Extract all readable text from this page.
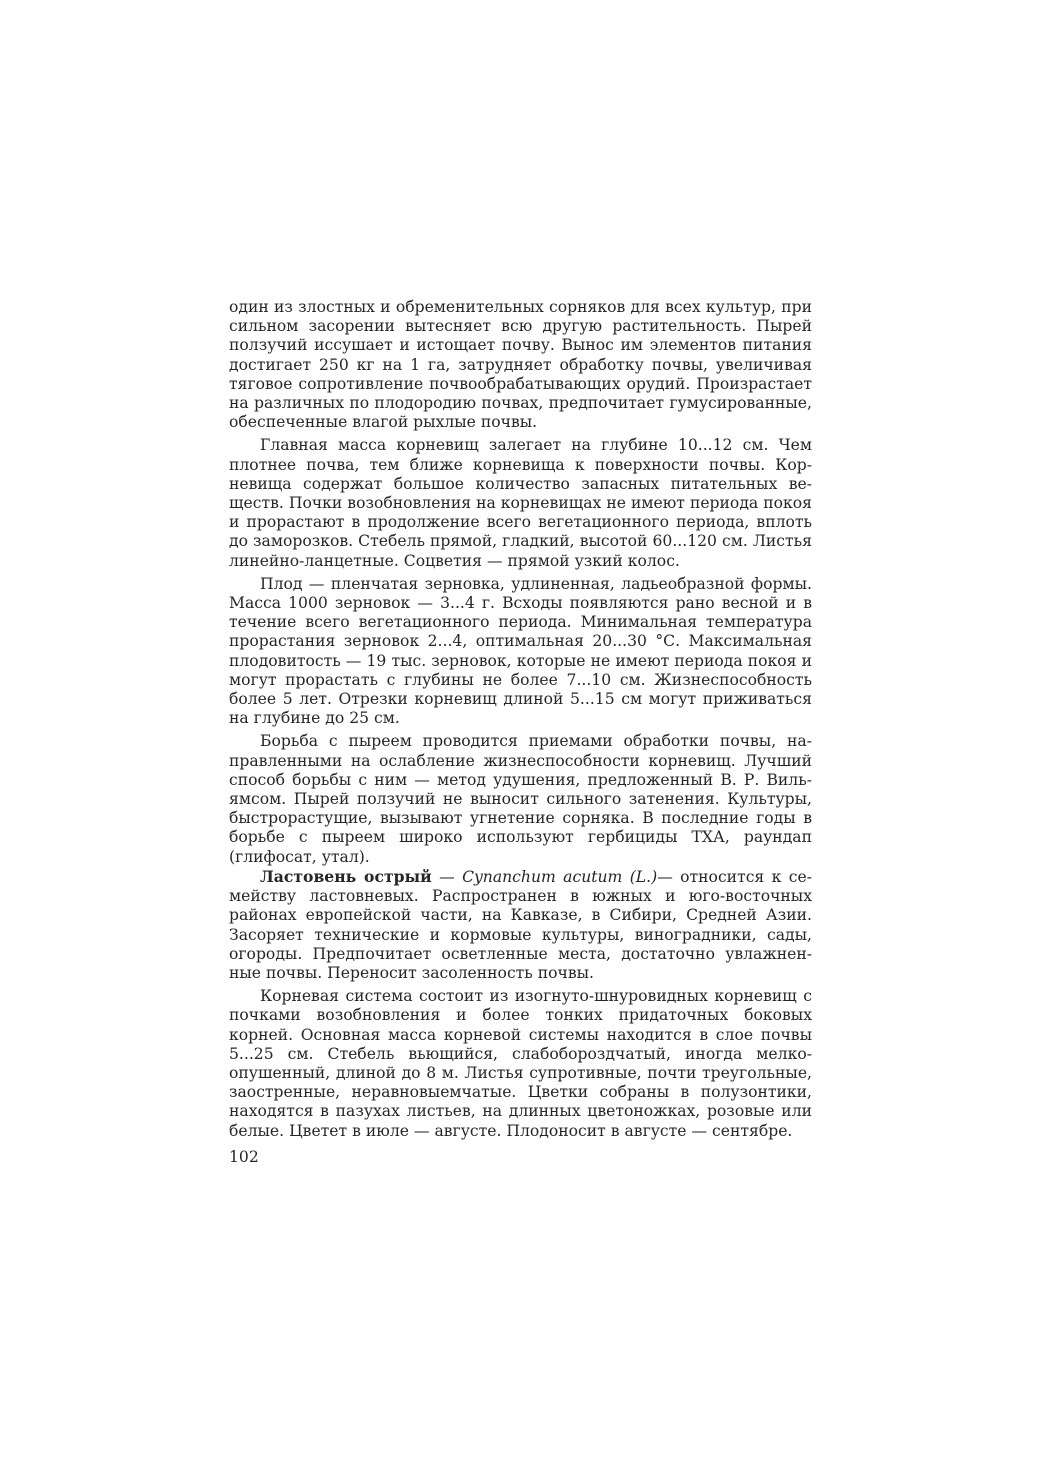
один из злостных и обременительных сорняков для всех культур, при сильном засорении вытесняет всю другую растительность. Пырей ползучий иссушает и истощает почву. Вынос им элементов питания достигает 250 кг на 1 га, затрудняет обработку почвы, увеличивая тяговое сопротивление почвообрабатывающих орудий. Произрастает на различных по плодородию почвах, предпочитает гумусированные, обеспеченные влагой рыхлые почвы.

Главная масса корневищ залегает на глубине 10...12 см. Чем плотнее почва, тем ближе корневища к поверхности почвы. Корневища содержат большое количество запасных питательных веществ. Почки возобновления на корневищах не имеют периода покоя и прорастают в продолжение всего вегетационного периода, вплоть до заморозков. Стебель прямой, гладкий, высотой 60...120 см. Листья линейно-ланцетные. Соцветия — прямой узкий колос.

Плод — пленчатая зерновка, удлиненная, ладьеобразной формы. Масса 1000 зерновок — 3...4 г. Всходы появляются рано весной и в течение всего вегетационного периода. Минимальная температура прорастания зерновок 2...4, оптимальная 20...30 °С. Максимальная плодовитость — 19 тыс. зерновок, которые не имеют периода покоя и могут прорастать с глубины не более 7...10 см. Жизнеспособность более 5 лет. Отрезки корневищ длиной 5...15 см могут приживаться на глубине до 25 см.

Борьба с пыреем проводится приемами обработки почвы, направленными на ослабление жизнеспособности корневищ. Лучший способ борьбы с ним — метод удушения, предложенный В. Р. Вильямсом. Пырей ползучий не выносит сильного затенения. Культуры, быстрорастущие, вызывают угнетение сорняка. В последние годы в борьбе с пыреем широко используют гербициды ТХА, раундап (глифосат, утал).

Ластовень острый — Cynanchum acutum (L.)— относится к семейству ластовневых. Распространен в южных и юго-восточных районах европейской части, на Кавказе, в Сибири, Средней Азии. Засоряет технические и кормовые культуры, виноградники, сады, огороды. Предпочитает осветленные места, достаточно увлажненные почвы. Переносит засоленность почвы.

Корневая система состоит из изогнуто-шнуровидных корневищ с почками возобновления и более тонких придаточных боковых корней. Основная масса корневой системы находится в слое почвы 5...25 см. Стебель вьющийся, слабобороздчатый, иногда мелкоопушенный, длиной до 8 м. Листья супротивные, почти треугольные, заостренные, неравновыемчатые. Цветки собраны в полузонтики, находятся в пазухах листьев, на длинных цветоножках, розовые или белые. Цветет в июле — августе. Плодоносит в августе — сентябре.

102
